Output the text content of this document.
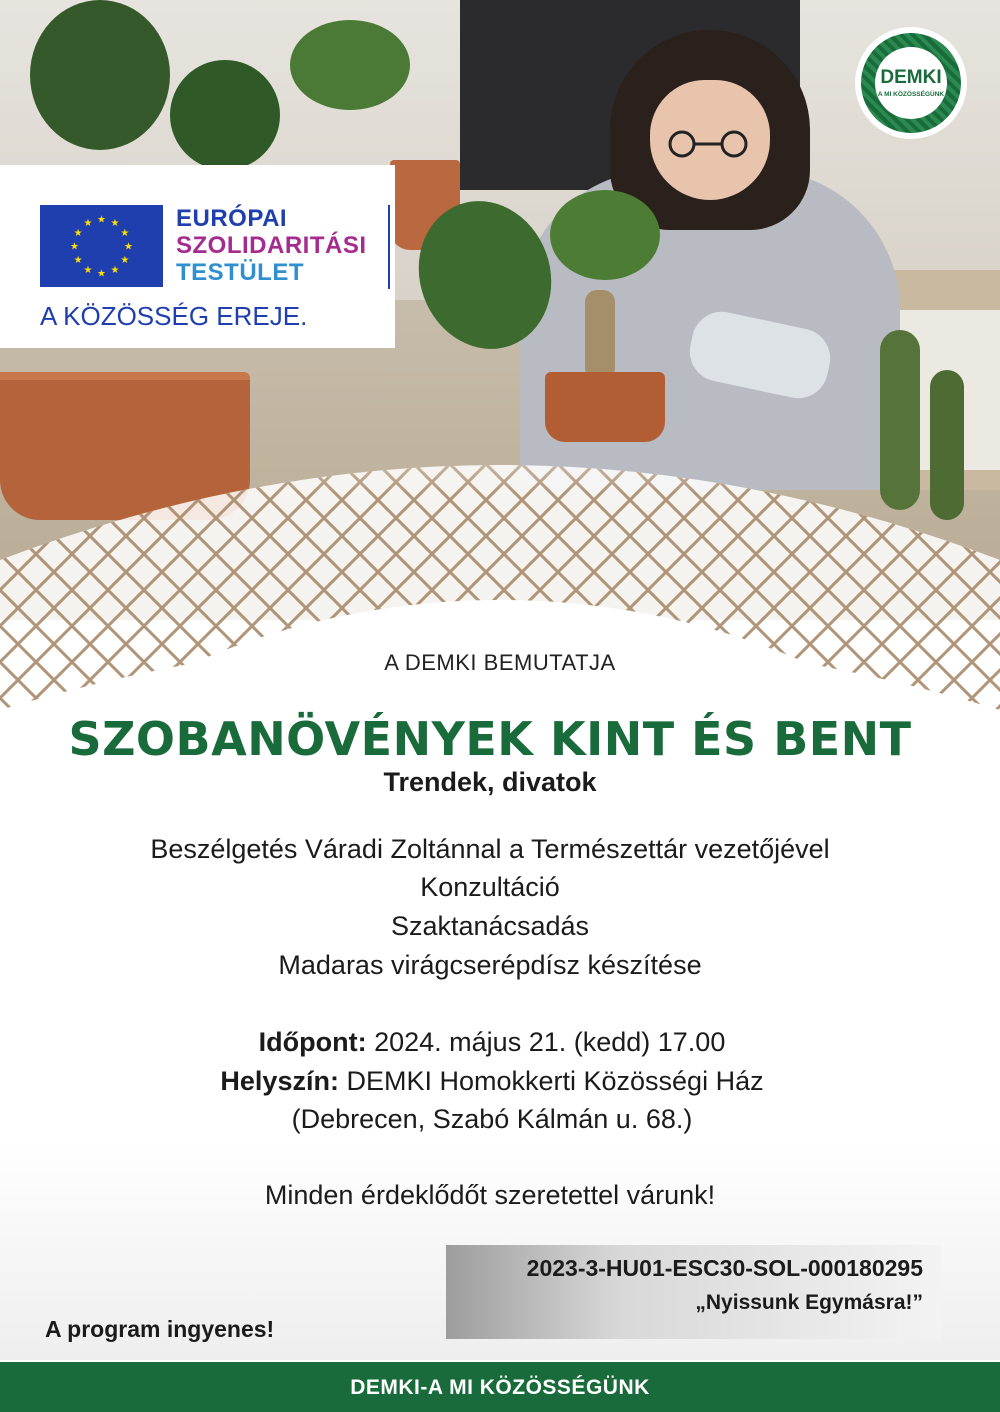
★
★
★
★
★
★
★
★
★ ★ ★
★
EURÓPAI
SZOLIDARITÁSI
TESTÜLET
A KÖZÖSSÉG EREJE.
DEMKI
A MI KÖZÖSSÉGÜNK
A DEMKI BEMUTATJA
SZOBANÖVÉNYEK KINT ÉS BENT
Trendek, divatok
Beszélgetés Váradi Zoltánnal a Természettár vezetőjével
Konzultáció
Szaktanácsadás
Madaras virágcserépdísz készítése
Időpont: 2024. május 21. (kedd) 17.00
Helyszín: DEMKI Homokkerti Közösségi Ház
(Debrecen, Szabó Kálmán u. 68.)
Minden érdeklődőt szeretettel várunk!
2023-3-HU01-ESC30-SOL-000180295
„Nyissunk Egymásra!”
A program ingyenes!
DEMKI-A MI KÖZÖSSÉGÜNK
